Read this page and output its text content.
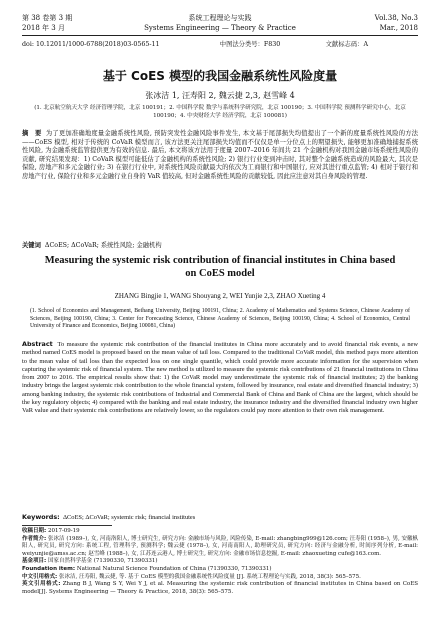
第 38 卷第 3 期	系统工程理论与实践	Vol.38, No.3
2018 年 3 月	Systems Engineering — Theory & Practice	Mar., 2018
doi: 10.12011/1000-6788(2018)03-0565-11	中图法分类号：F830	文献标志码：A
基于 CoES 模型的我国金融系统性风险度量
张冰洁 1, 汪寿阳 2, 魏云捷 2,3, 赵雪峰 4
(1. 北京航空航天大学 经济管理学院，北京 100191；2. 中国科学院 数学与系统科学研究院，北京 100190；3. 中国科学院 预测科学研究中心，北京 100190；4. 中央财经大学 经济学院，北京 100081)
摘　要 为了更加准确地度量金融系统性风险, 预防突发性金融风险事件发生, 本文基于尾部损失均值提出了一个新的度量系统性风险的方法——CoES 模型, 相对于传统的 CoVaR 模型而言, 该方法更关注尾部损失均值而不仅仅是单一分位点上的期望损失, 能够更加准确地捕捉系统性风险, 为金融系统监管提供更为有效的信息. 最后, 本文将该方法用于度量 2007–2016 年间共 21 个金融机构对我国金融市场系统性风险的贡献, 研究结果发现：1) CoVaR 模型可能低估了金融机构的系统性风险; 2) 银行行业变到冲击时, 其对整个金融系统造成的风险最大, 其次是保险, 房地产和多元金融行业; 3) 在银行行业中, 对系统性风险贡献最大的依次为工商银行和中国银行, 应对其进行重点监管; 4) 相对于银行和房地产行业, 保险行业和多元金融行业自身的 VaR 值较高, 但对金融系统性风险的贡献较低, 因此应注意对其自身风险的管理.
关键词 ΔCoES; ΔCoVaR; 系统性风险; 金融机构
Measuring the systemic risk contribution of financial institutes in China based on CoES model
ZHANG Bingjie 1, WANG Shouyang 2, WEI Yunjie 2,3, ZHAO Xueting 4
(1. School of Economics and Management, Beihang University, Beijing 100191, China; 2. Academy of Mathematics and Systems Science, Chinese Academy of Sciences, Beijing 100190, China; 3. Center for Forecasting Science, Chinese Academy of Sciences, Beijing 100190, China; 4. School of Economics, Central University of Finance and Economics, Beijing 100081, China)
Abstract To measure the systemic risk contribution of the financial institutes in China more accurately and to avoid financial risk events, a new method named CoES model is proposed based on the mean value of tail loss. Compared to the traditional CoVaR model, this method pays more attention to the mean value of tail loss than the expected loss on one single quantile, which could provide more accurate information for the supervision when capturing the systemic risk of financial system. The new method is utilized to measure the systemic risk contributions of 21 financial institutions in China from 2007 to 2016. The empirical results show that: 1) the CoVaR model may underestimate the systemic risk of financial institutes; 2) the banking industry brings the largest systemic risk contribution to the whole financial system, followed by insurance, real estate and diversified financial industry; 3) among banking industry, the systemic risk contributions of Industrial and Commercial Bank of China and Bank of China are the largest, which should be the key regulatory objects; 4) compared with the banking and real estate industry, the insurance industry and the diversified financial industry own higher VaR value and their systemic risk contributions are relatively lower, so the regulators could pay more attention to their own risk management.
Keywords: ΔCoES; ΔCoVaR; systemic risk; financial institutes
收稿日期: 2017-09-19
作者简介: 张冰洁 (1989–), 女, 河南洛阳人, 博士研究生, 研究方向: 金融市场与风险, 风险传染, E-mail: zhangbing999@126.com; 汪寿阳 (1958–), 男, 安徽枞阳人, 研究员, 研究方向: 系统工程, 管理科学, 预测科学; 魏云捷 (1978–), 女, 河南南阳人, 助理研究员, 研究方向: 经济与金融分析, 时间序列分析, E-mail: weiyunjie@amss.ac.cn; 赵雪峰 (1988–), 女, 江苏连云港人, 博士研究生, 研究方向: 金融市场信息挖掘, E-mail: zhaoxueting cufe@163.com.
基金项目: 国家自然科学基金 (71390330, 71390331)
Foundation item: National Natural Science Foundation of China (71390330, 71390331)
中文引用格式: 张冰洁, 汪寿阳, 魏云捷, 等. 基于 CoES 模型的我国金融系统性风险度量 [J]. 系统工程理论与实践, 2018, 38(3): 565–575.
英文引用格式: Zhang B J, Wang S Y, Wei Y J, et al. Measuring the systemic risk contribution of financial institutes in China based on CoES model[J]. Systems Engineering — Theory & Practice, 2018, 38(3): 565–575.
